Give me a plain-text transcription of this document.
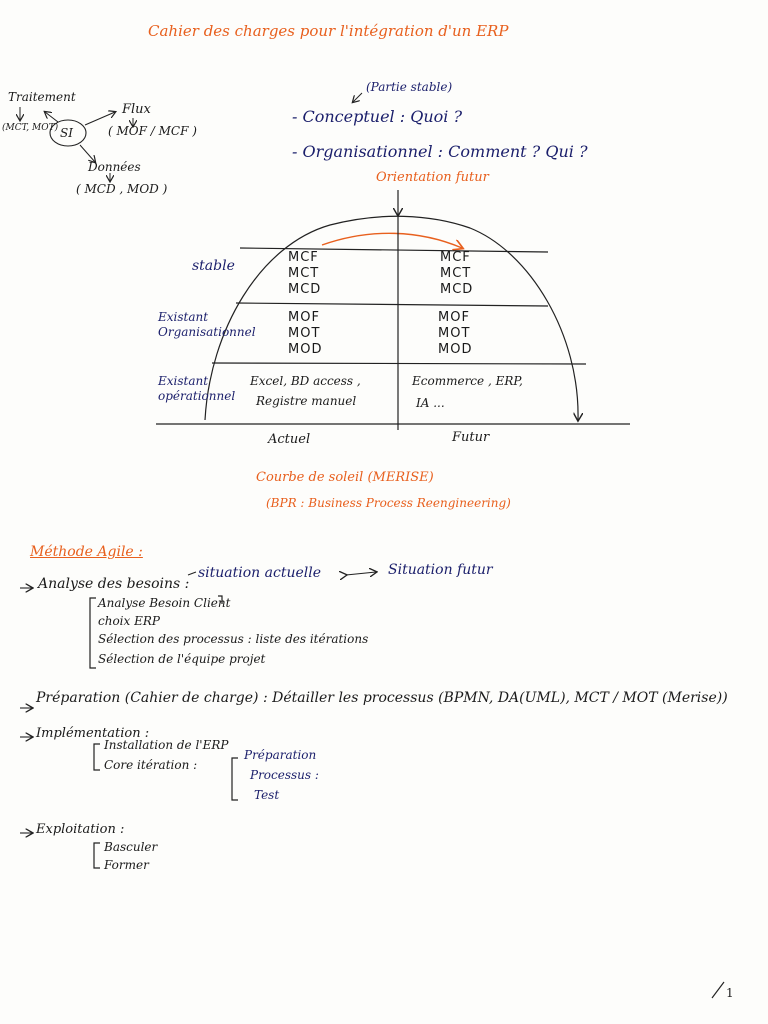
Cahier des charges pour l'intégration d'un ERP
Traitement
(MCT, MOT) SI
Flux
( MOF / MCF )
Données
( MCD , MOD )
(Partie stable)
- Conceptuel : Quoi ?
- Organisationnel : Comment ? Qui ?
Orientation futur
stable
Existant Organisationnel
Existant opérationnel
MCF
MCT
MCD
MOF
MOT
MOD
Excel, BD access ,
Registre manuel
MCF
MCT
MCD
MOF
MOT
MOD
Ecommerce , ERP,
IA ...
Actuel	Futur
Courbe de soleil (MERISE)
(BPR : Business Process Reengineering)
Méthode Agile :
Analyse des besoins :
situation actuelle	Situation futur
Analyse Besoin Client
choix ERP
Sélection des processus : liste des itérations
Sélection de l'équipe projet
Préparation (Cahier de charge) : Détailler les processus (BPMN, DA(UML), MCT / MOT (Merise))
Implémentation :
Installation de l'ERP
Core itération :
Préparation
Processus :
Test
Exploitation :
Basculer
Former
1
